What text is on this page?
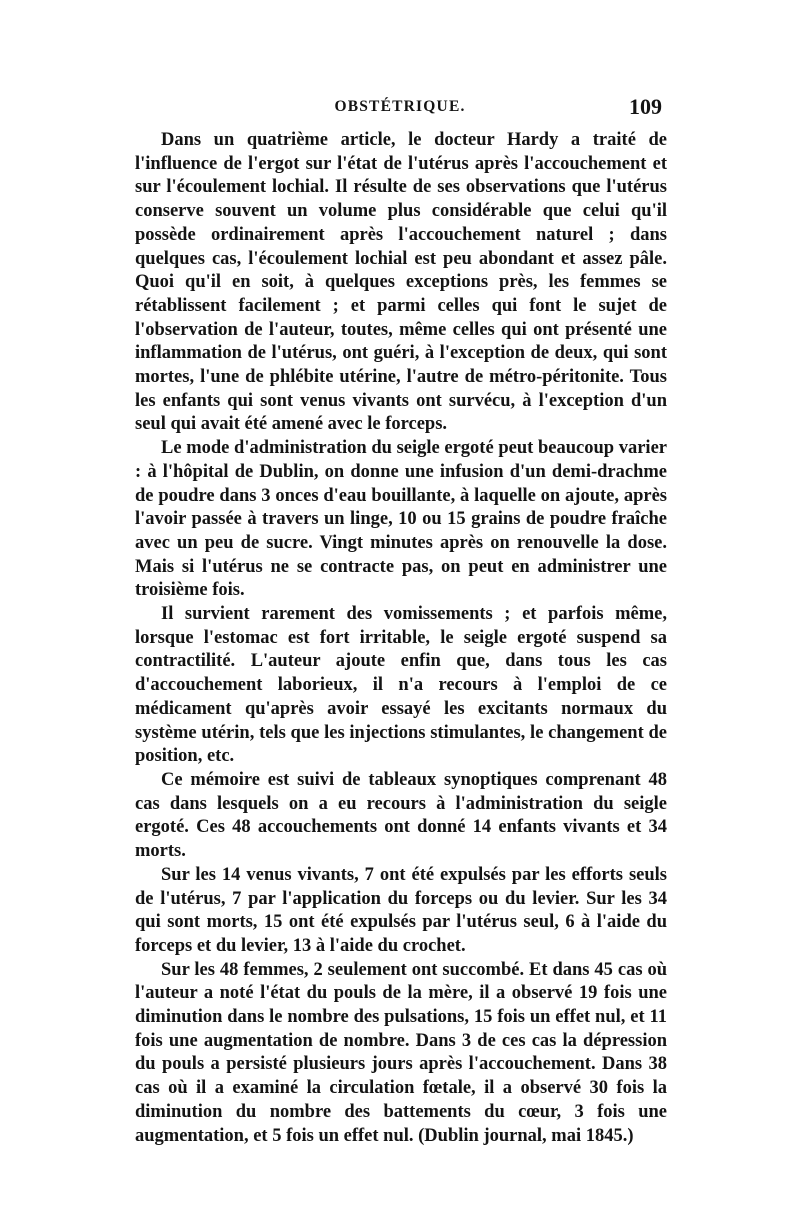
OBSTÉTRIQUE.	109

Dans un quatrième article, le docteur Hardy a traité de l'influence de l'ergot sur l'état de l'utérus après l'accouchement et sur l'écoulement lochial. Il résulte de ses observations que l'utérus conserve souvent un volume plus considérable que celui qu'il possède ordinairement après l'accouchement naturel ; dans quelques cas, l'écoulement lochial est peu abondant et assez pâle. Quoi qu'il en soit, à quelques exceptions près, les femmes se rétablissent facilement ; et parmi celles qui font le sujet de l'observation de l'auteur, toutes, même celles qui ont présenté une inflammation de l'utérus, ont guéri, à l'exception de deux, qui sont mortes, l'une de phlébite utérine, l'autre de métro-péritonite. Tous les enfants qui sont venus vivants ont survécu, à l'exception d'un seul qui avait été amené avec le forceps.

Le mode d'administration du seigle ergoté peut beaucoup varier : à l'hôpital de Dublin, on donne une infusion d'un demi-drachme de poudre dans 3 onces d'eau bouillante, à laquelle on ajoute, après l'avoir passée à travers un linge, 10 ou 15 grains de poudre fraîche avec un peu de sucre. Vingt minutes après on renouvelle la dose. Mais si l'utérus ne se contracte pas, on peut en administrer une troisième fois.

Il survient rarement des vomissements ; et parfois même, lorsque l'estomac est fort irritable, le seigle ergoté suspend sa contractilité. L'auteur ajoute enfin que, dans tous les cas d'accouchement laborieux, il n'a recours à l'emploi de ce médicament qu'après avoir essayé les excitants normaux du système utérin, tels que les injections stimulantes, le changement de position, etc.

Ce mémoire est suivi de tableaux synoptiques comprenant 48 cas dans lesquels on a eu recours à l'administration du seigle ergoté. Ces 48 accouchements ont donné 14 enfants vivants et 34 morts.

Sur les 14 venus vivants, 7 ont été expulsés par les efforts seuls de l'utérus, 7 par l'application du forceps ou du levier. Sur les 34 qui sont morts, 15 ont été expulsés par l'utérus seul, 6 à l'aide du forceps et du levier, 13 à l'aide du crochet.

Sur les 48 femmes, 2 seulement ont succombé. Et dans 45 cas où l'auteur a noté l'état du pouls de la mère, il a observé 19 fois une diminution dans le nombre des pulsations, 15 fois un effet nul, et 11 fois une augmentation de nombre. Dans 3 de ces cas la dépression du pouls a persisté plusieurs jours après l'accouchement. Dans 38 cas où il a examiné la circulation fœtale, il a observé 30 fois la diminution du nombre des battements du cœur, 3 fois une augmentation, et 5 fois un effet nul. (Dublin journal, mai 1845.)
